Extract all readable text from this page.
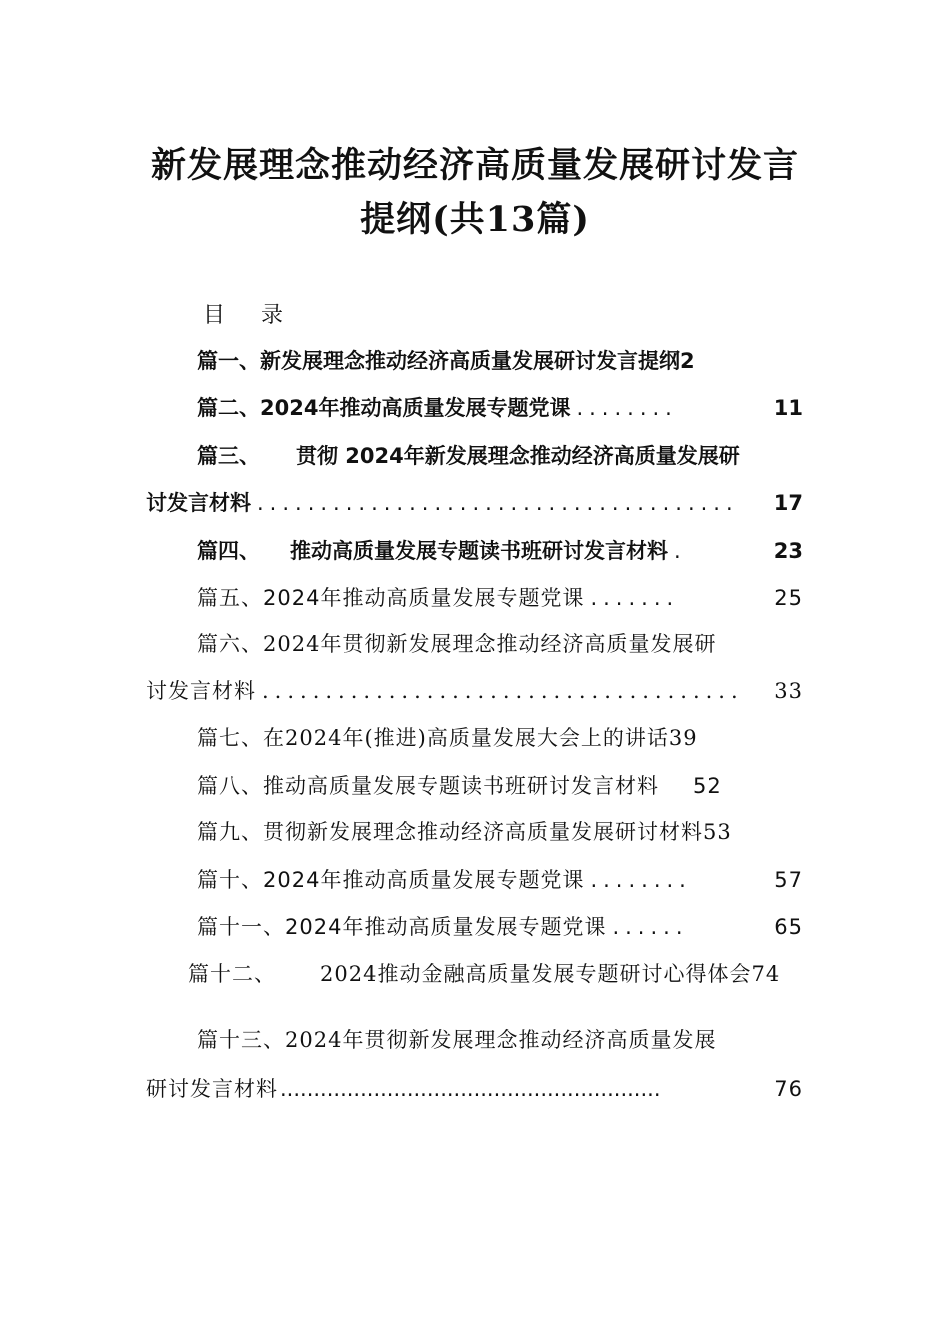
新发展理念推动经济高质量发展研讨发言
提纲(共13篇)
目 录
篇一、新发展理念推动经济高质量发展研讨发言提纲 2
篇二、2024年推动高质量发展专题党课 ........	11
篇三、 贯彻 2024年新发展理念推动经济高质量发展研
讨发言材料 ......................................	17
篇四、 推动高质量发展专题读书班研讨发言材料 .	23
篇五、2024年推动高质量发展专题党课 .......	25
篇六、2024年贯彻新发展理念推动经济高质量发展研
讨发言材料 ......................................	33
篇七、在2024年(推进)高质量发展大会上的讲话 39
篇八、推动高质量发展专题读书班研讨发言材料 52
篇九、贯彻新发展理念推动经济高质量发展研讨材料 53
篇十、2024年推动高质量发展专题党课 ........	57
篇十一、2024年推动高质量发展专题党课 ......	65
篇十二、 2024推动金融高质量发展专题研讨心得体会 74
篇十三、2024年贯彻新发展理念推动经济高质量发展
研讨发言材料 .........................................................	76
